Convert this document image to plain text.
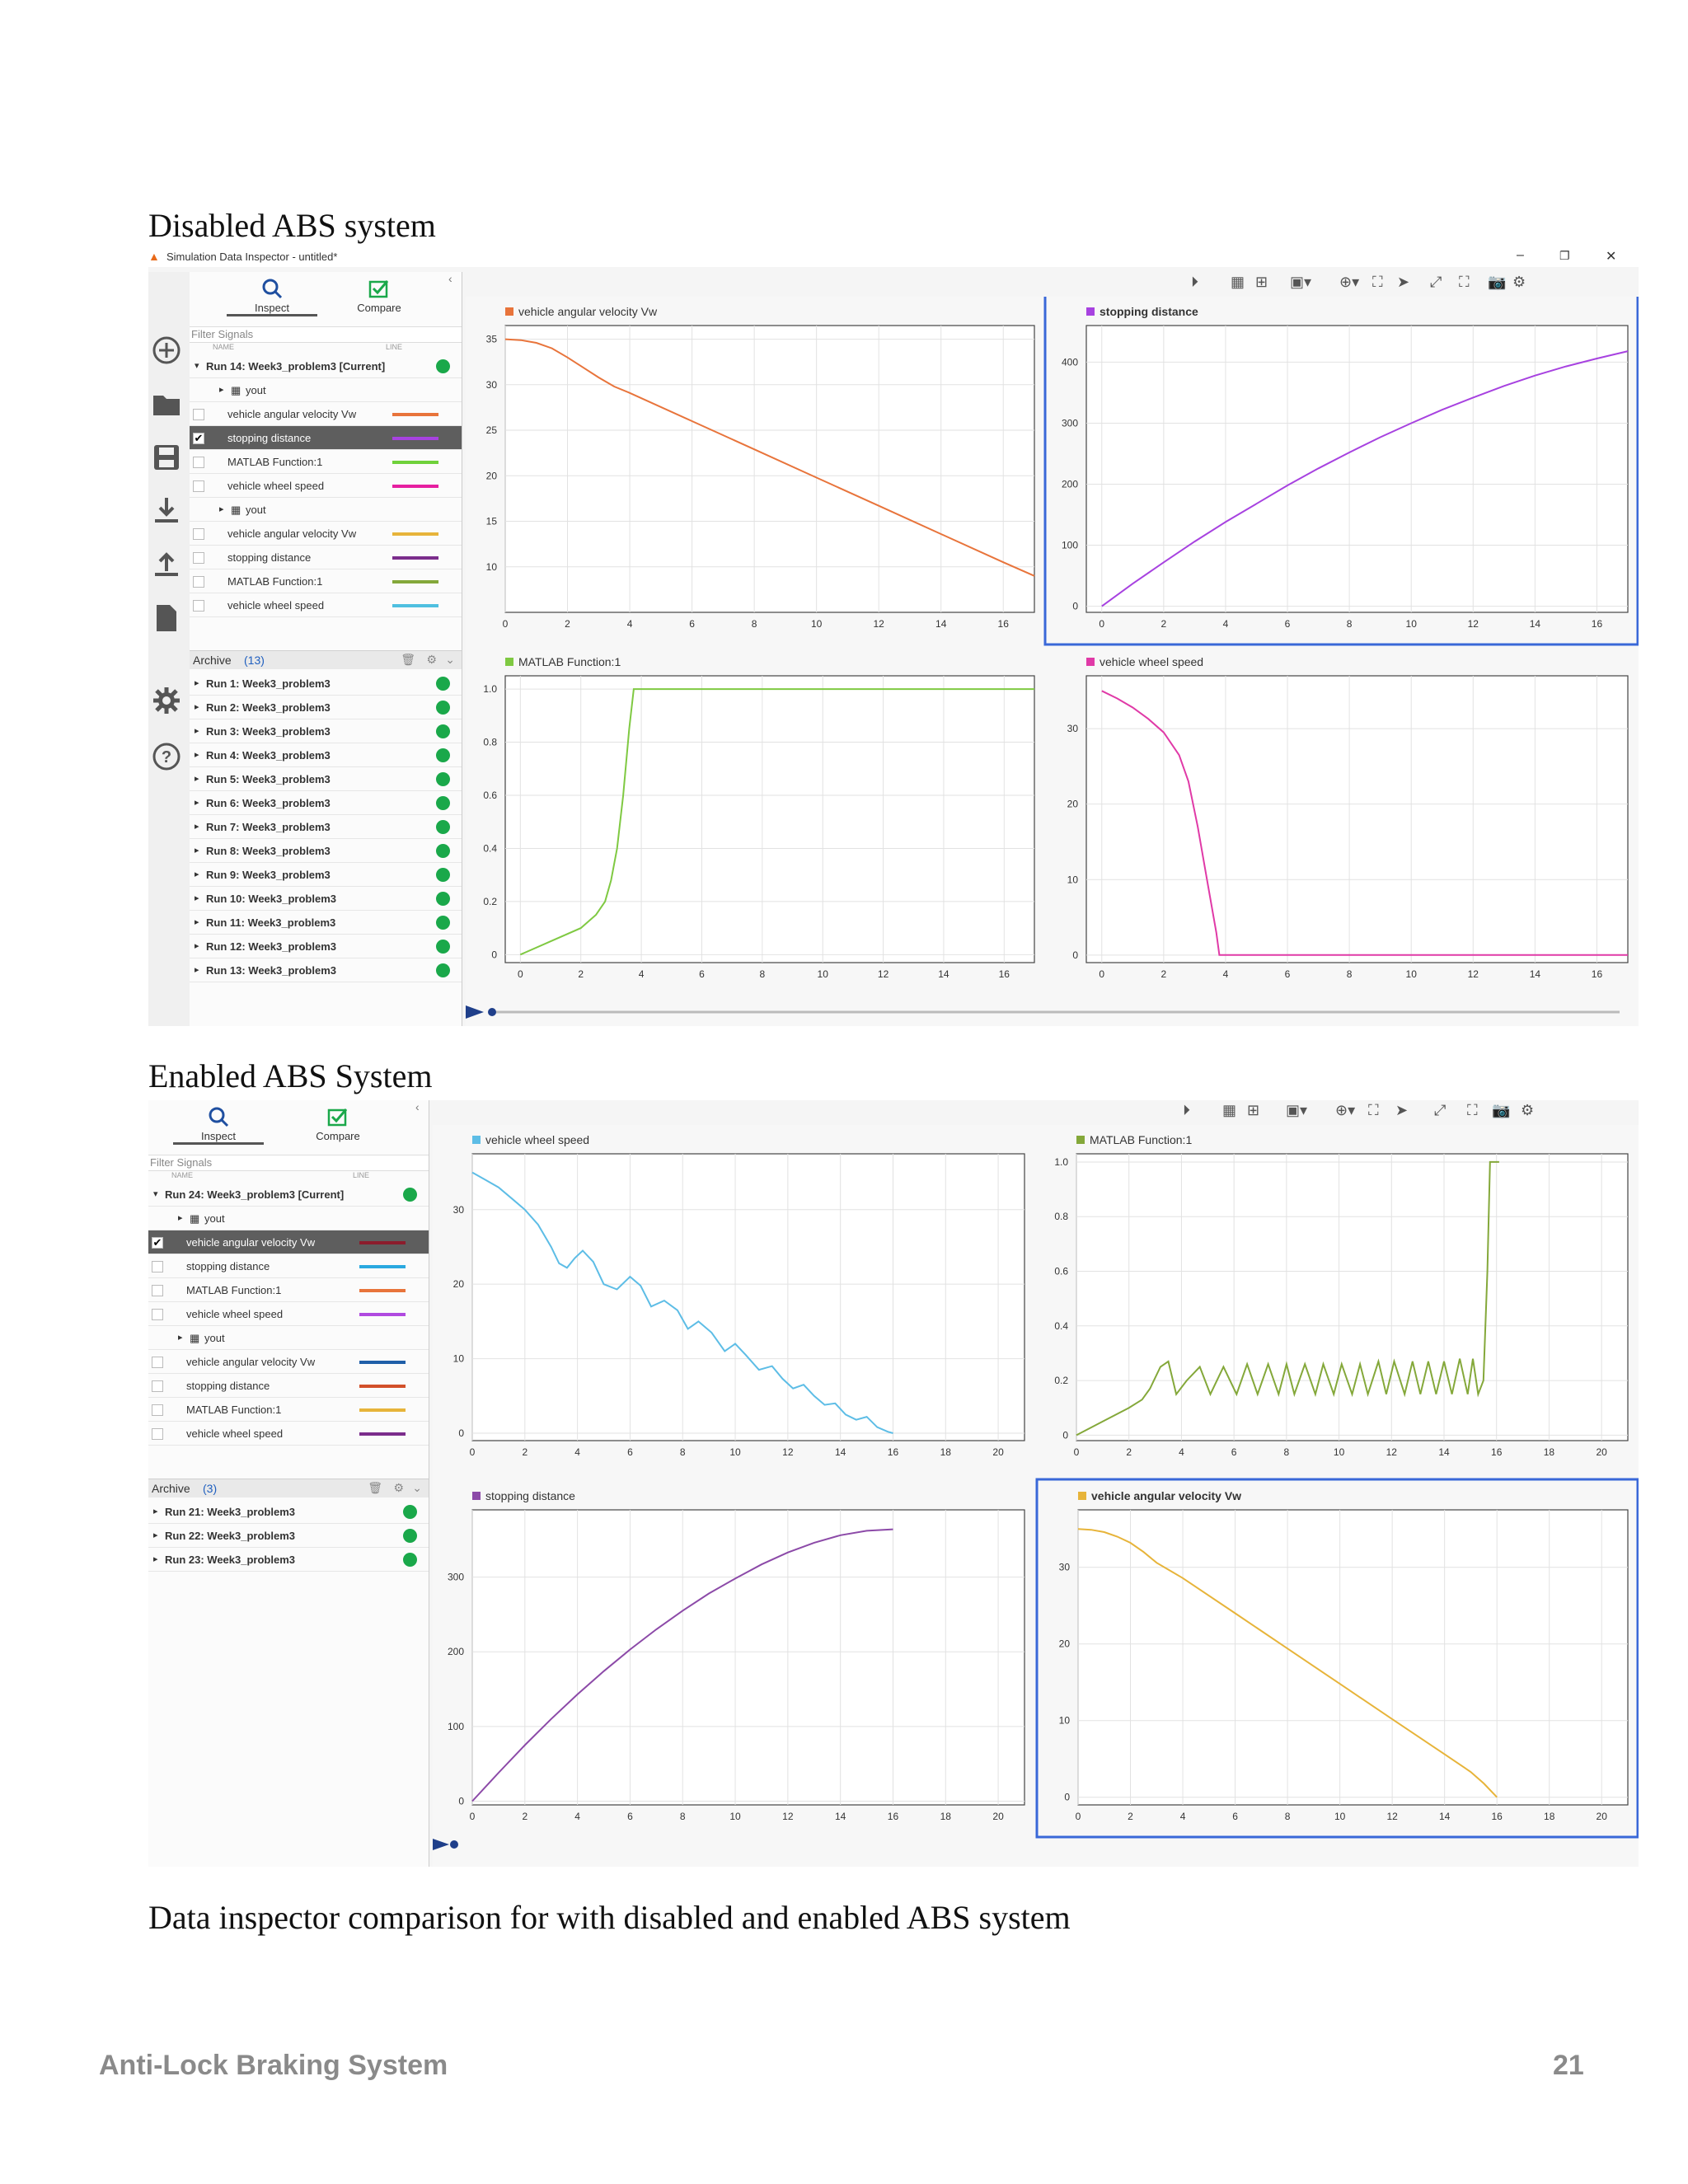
Disabled ABS system
Enabled ABS System
Data inspector comparison for with disabled and enabled ABS system
Anti-Lock Braking System	21
▲ Simulation Data Inspector - untitled*	–	❐	✕
?
Inspect	Compare
‹
Filter Signals
NAME	LINE
▾ Run 14: Week3_problem3 [Current]
▸ ▦ yout
vehicle angular velocity Vw
✔ stopping distance
MATLAB Function:1
vehicle wheel speed
▸ ▦ yout
vehicle angular velocity Vw
stopping distance
MATLAB Function:1
vehicle wheel speed
Archive (13)	🗑 ⚙ ⌄
▸ Run 1: Week3_problem3
▸ Run 2: Week3_problem3
▸ Run 3: Week3_problem3
▸ Run 4: Week3_problem3
▸ Run 5: Week3_problem3
▸ Run 6: Week3_problem3
▸ Run 7: Week3_problem3
▸ Run 8: Week3_problem3
▸ Run 9: Week3_problem3
▸ Run 10: Week3_problem3
▸ Run 11: Week3_problem3
▸ Run 12: Week3_problem3
▸ Run 13: Week3_problem3
⏵ ▦ ⊞ ▣▾ ⊕▾ ⛶ ➤ ⤢ ⛶ 📷 ⚙
vehicle angular velocity Vw
0	2	4	6	8	10	12	14	16
10
15
20
25
30
35
stopping distance
0	2	4	6	8	10	12	14	16
0
100
200
300
400
MATLAB Function:1
0	2	4	6	8	10	12	14	16
0
0.2
0.4
0.6
0.8
1.0
vehicle wheel speed
0	2	4	6	8	10	12	14	16
0
10
20
30
Inspect	Compare
‹
Filter Signals
NAME	LINE
▾ Run 24: Week3_problem3 [Current]
▸ ▦ yout
✔ vehicle angular velocity Vw
stopping distance
MATLAB Function:1
vehicle wheel speed
▸ ▦ yout
vehicle angular velocity Vw
stopping distance
MATLAB Function:1
vehicle wheel speed
Archive (3)	🗑 ⚙ ⌄
▸ Run 21: Week3_problem3
▸ Run 22: Week3_problem3
▸ Run 23: Week3_problem3
⏵ ▦ ⊞ ▣▾ ⊕▾ ⛶ ➤ ⤢ ⛶ 📷 ⚙
vehicle wheel speed
0	2	4	6	8	10	12	14	16	18	20
0
10
20
30
MATLAB Function:1
0	2	4	6	8	10	12	14	16	18	20
0
0.2
0.4
0.6
0.8
1.0
stopping distance
0	2	4	6	8	10	12	14	16	18	20
0
100
200
300
vehicle angular velocity Vw
0	2	4	6	8	10	12	14	16	18	20
0
10
20
30
